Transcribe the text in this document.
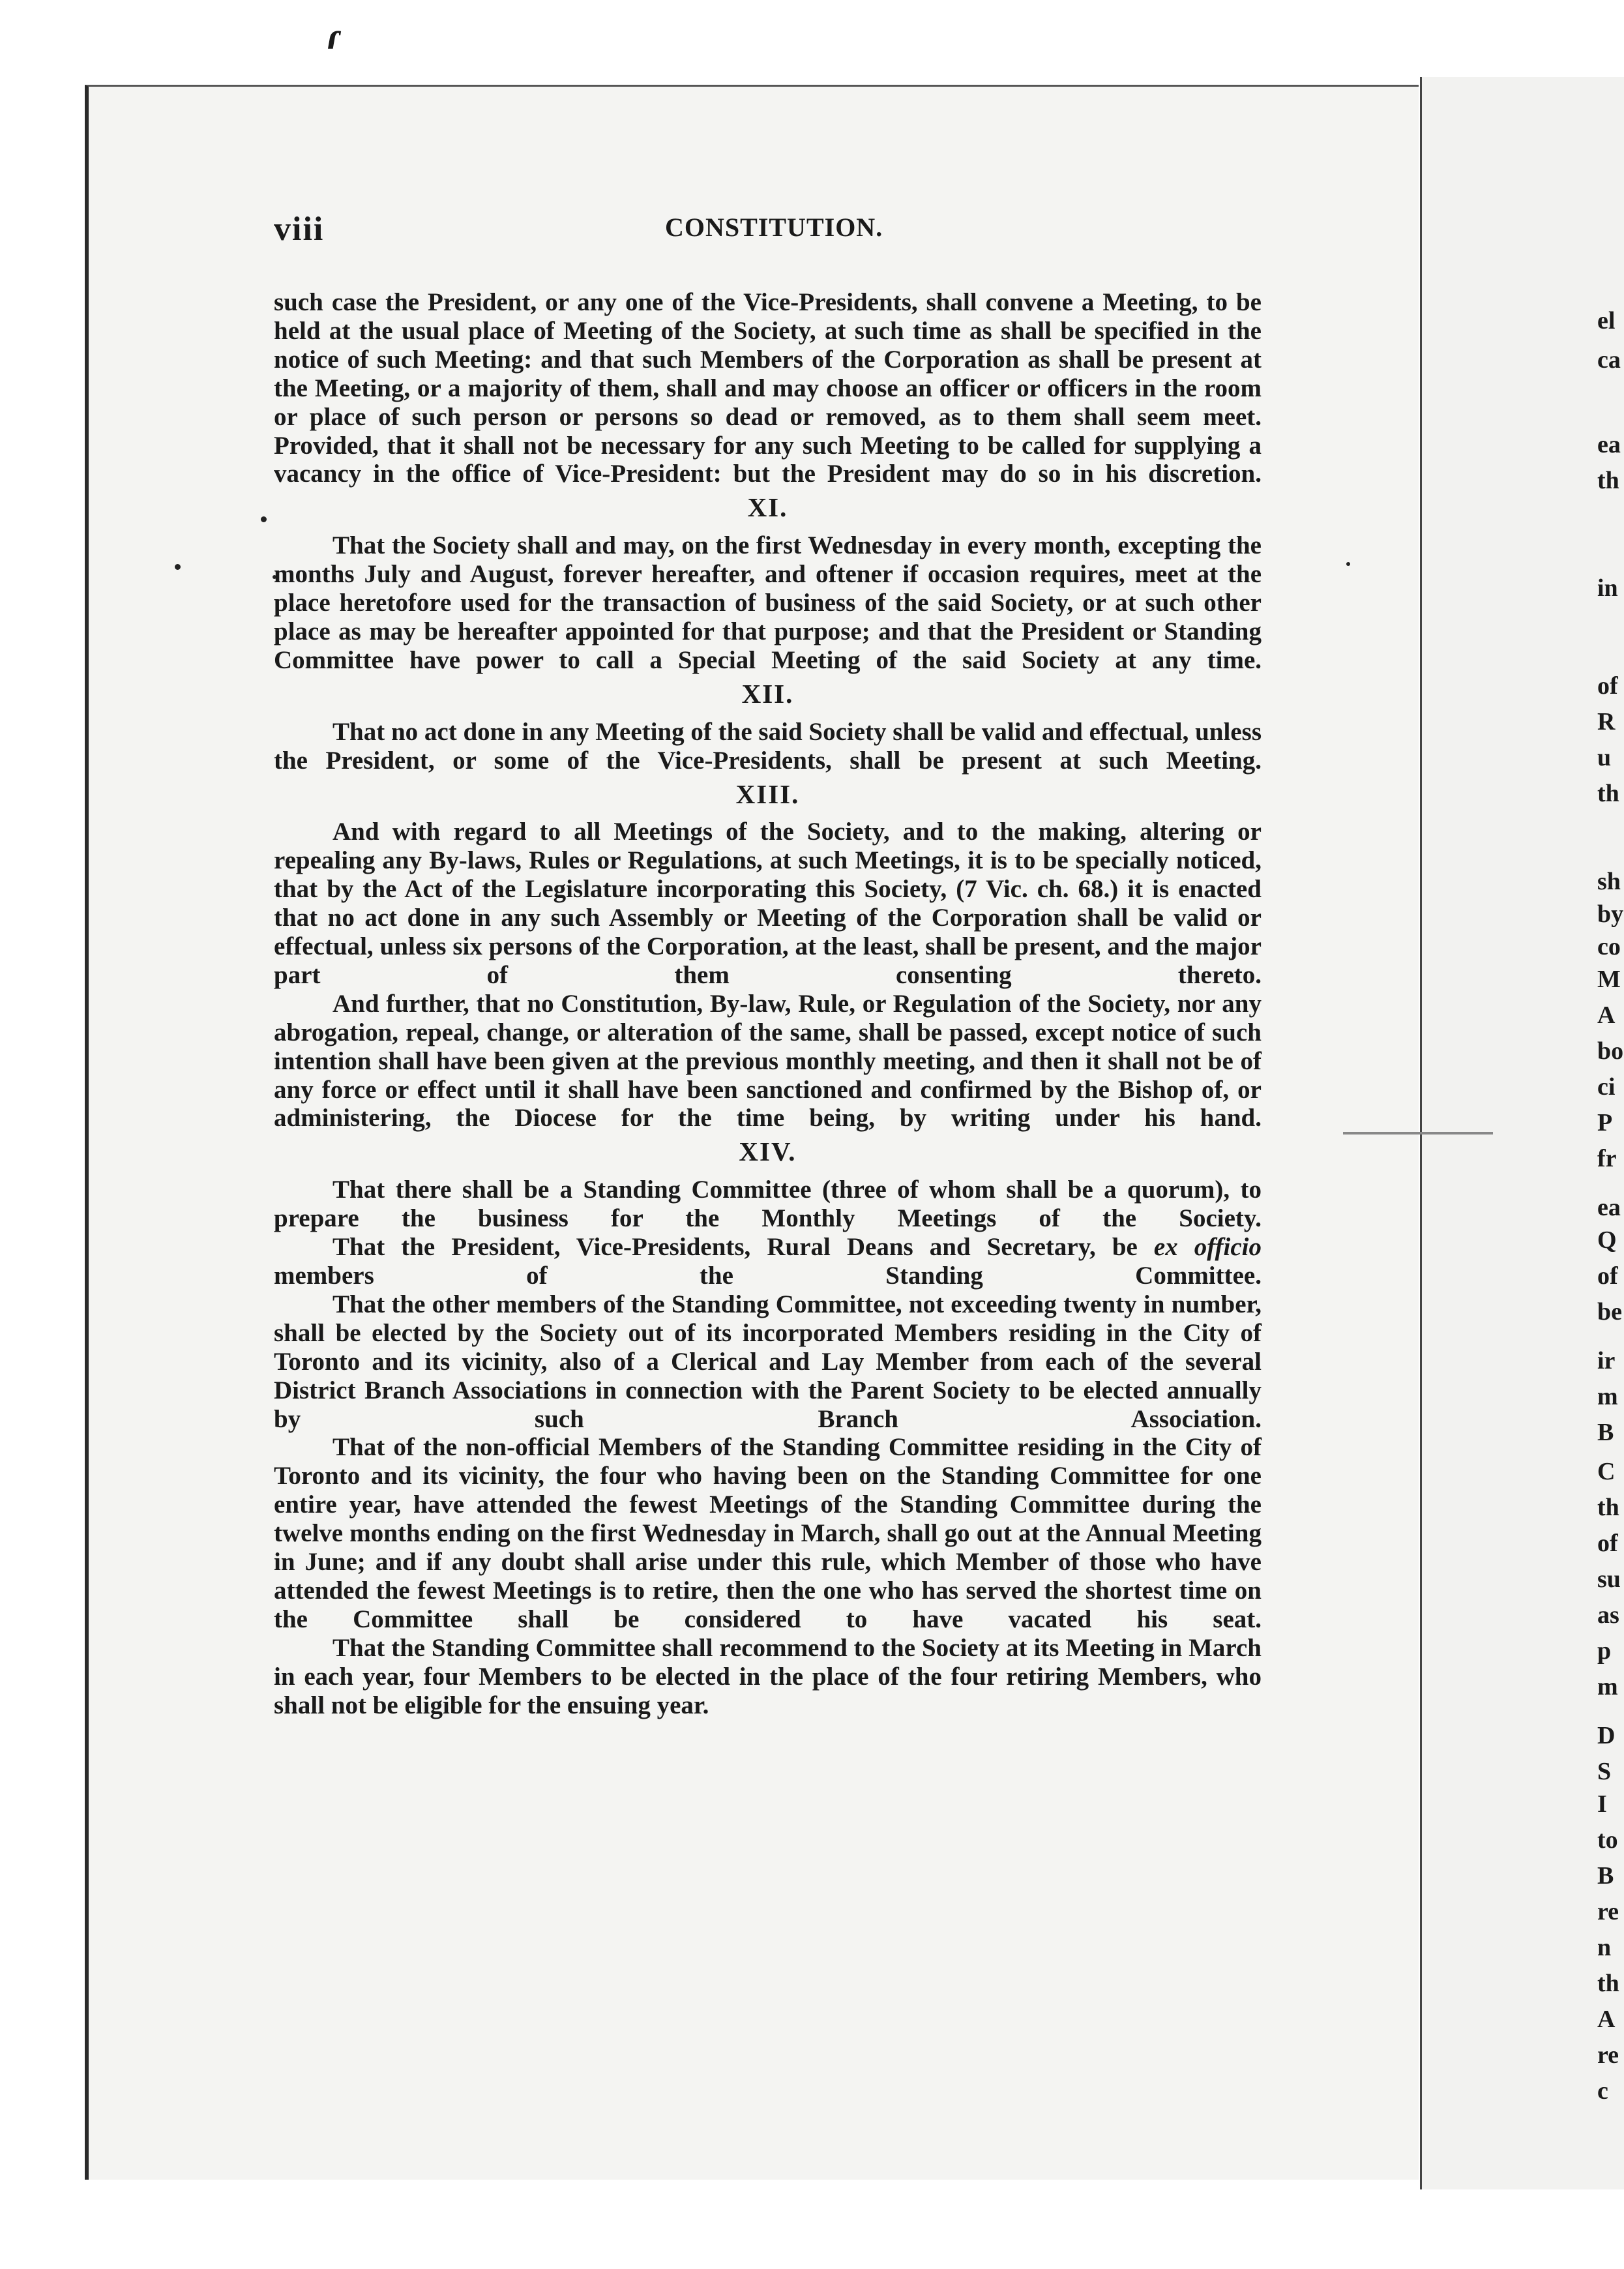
ɾ
viii	CONSTITUTION.

such case the President, or any one of the Vice-Presidents, shall convene a Meeting, to be held at the usual place of Meeting of the Society, at such time as shall be specified in the notice of such Meeting: and that such Members of the Corporation as shall be present at the Meeting, or a majority of them, shall and may choose an officer or officers in the room or place of such person or persons so dead or removed, as to them shall seem meet. Provided, that it shall not be necessary for any such Meeting to be called for supplying a vacancy in the office of Vice-President: but the President may do so in his discretion.

XI.

That the Society shall and may, on the first Wednesday in every month, excepting the months July and August, forever hereafter, and oftener if occasion requires, meet at the place heretofore used for the transaction of business of the said Society, or at such other place as may be hereafter appointed for that purpose; and that the President or Standing Committee have power to call a Special Meeting of the said Society at any time.

XII.

That no act done in any Meeting of the said Society shall be valid and effectual, unless the President, or some of the Vice-Presidents, shall be present at such Meeting.

XIII.

And with regard to all Meetings of the Society, and to the making, altering or repealing any By-laws, Rules or Regulations, at such Meetings, it is to be specially noticed, that by the Act of the Legislature incorporating this Society, (7 Vic. ch. 68.) it is enacted that no act done in any such Assembly or Meeting of the Corporation shall be valid or effectual, unless six persons of the Corporation, at the least, shall be present, and the major part of them consenting thereto.

And further, that no Constitution, By-law, Rule, or Regulation of the Society, nor any abrogation, repeal, change, or alteration of the same, shall be passed, except notice of such intention shall have been given at the previous monthly meeting, and then it shall not be of any force or effect until it shall have been sanctioned and confirmed by the Bishop of, or administering, the Diocese for the time being, by writing under his hand.

XIV.

That there shall be a Standing Committee (three of whom shall be a quorum), to prepare the business for the Monthly Meetings of the Society.

That the President, Vice-Presidents, Rural Deans and Secretary, be ex officio members of the Standing Committee.

That the other members of the Standing Committee, not exceeding twenty in number, shall be elected by the Society out of its incorporated Members residing in the City of Toronto and its vicinity, also of a Clerical and Lay Member from each of the several District Branch Associations in connection with the Parent Society to be elected annually by such Branch Association.

That of the non-official Members of the Standing Committee residing in the City of Toronto and its vicinity, the four who having been on the Standing Committee for one entire year, have attended the fewest Meetings of the Standing Committee during the twelve months ending on the first Wednesday in March, shall go out at the Annual Meeting in June; and if any doubt shall arise under this rule, which Member of those who have attended the fewest Meetings is to retire, then the one who has served the shortest time on the Committee shall be considered to have vacated his seat.

That the Standing Committee shall recommend to the Society at its Meeting in March in each year, four Members to be elected in the place of the four retiring Members, who shall not be eligible for the ensuing year.

el
ca
ea
th
in
of
R
u
th
sh
by
co
M
A
bo
ci
P
fr
ea
Q
of
be
ir
m
B
C
th
of
su
as
p
m
D
S
I
to
B
re
n
th
A
re
c
